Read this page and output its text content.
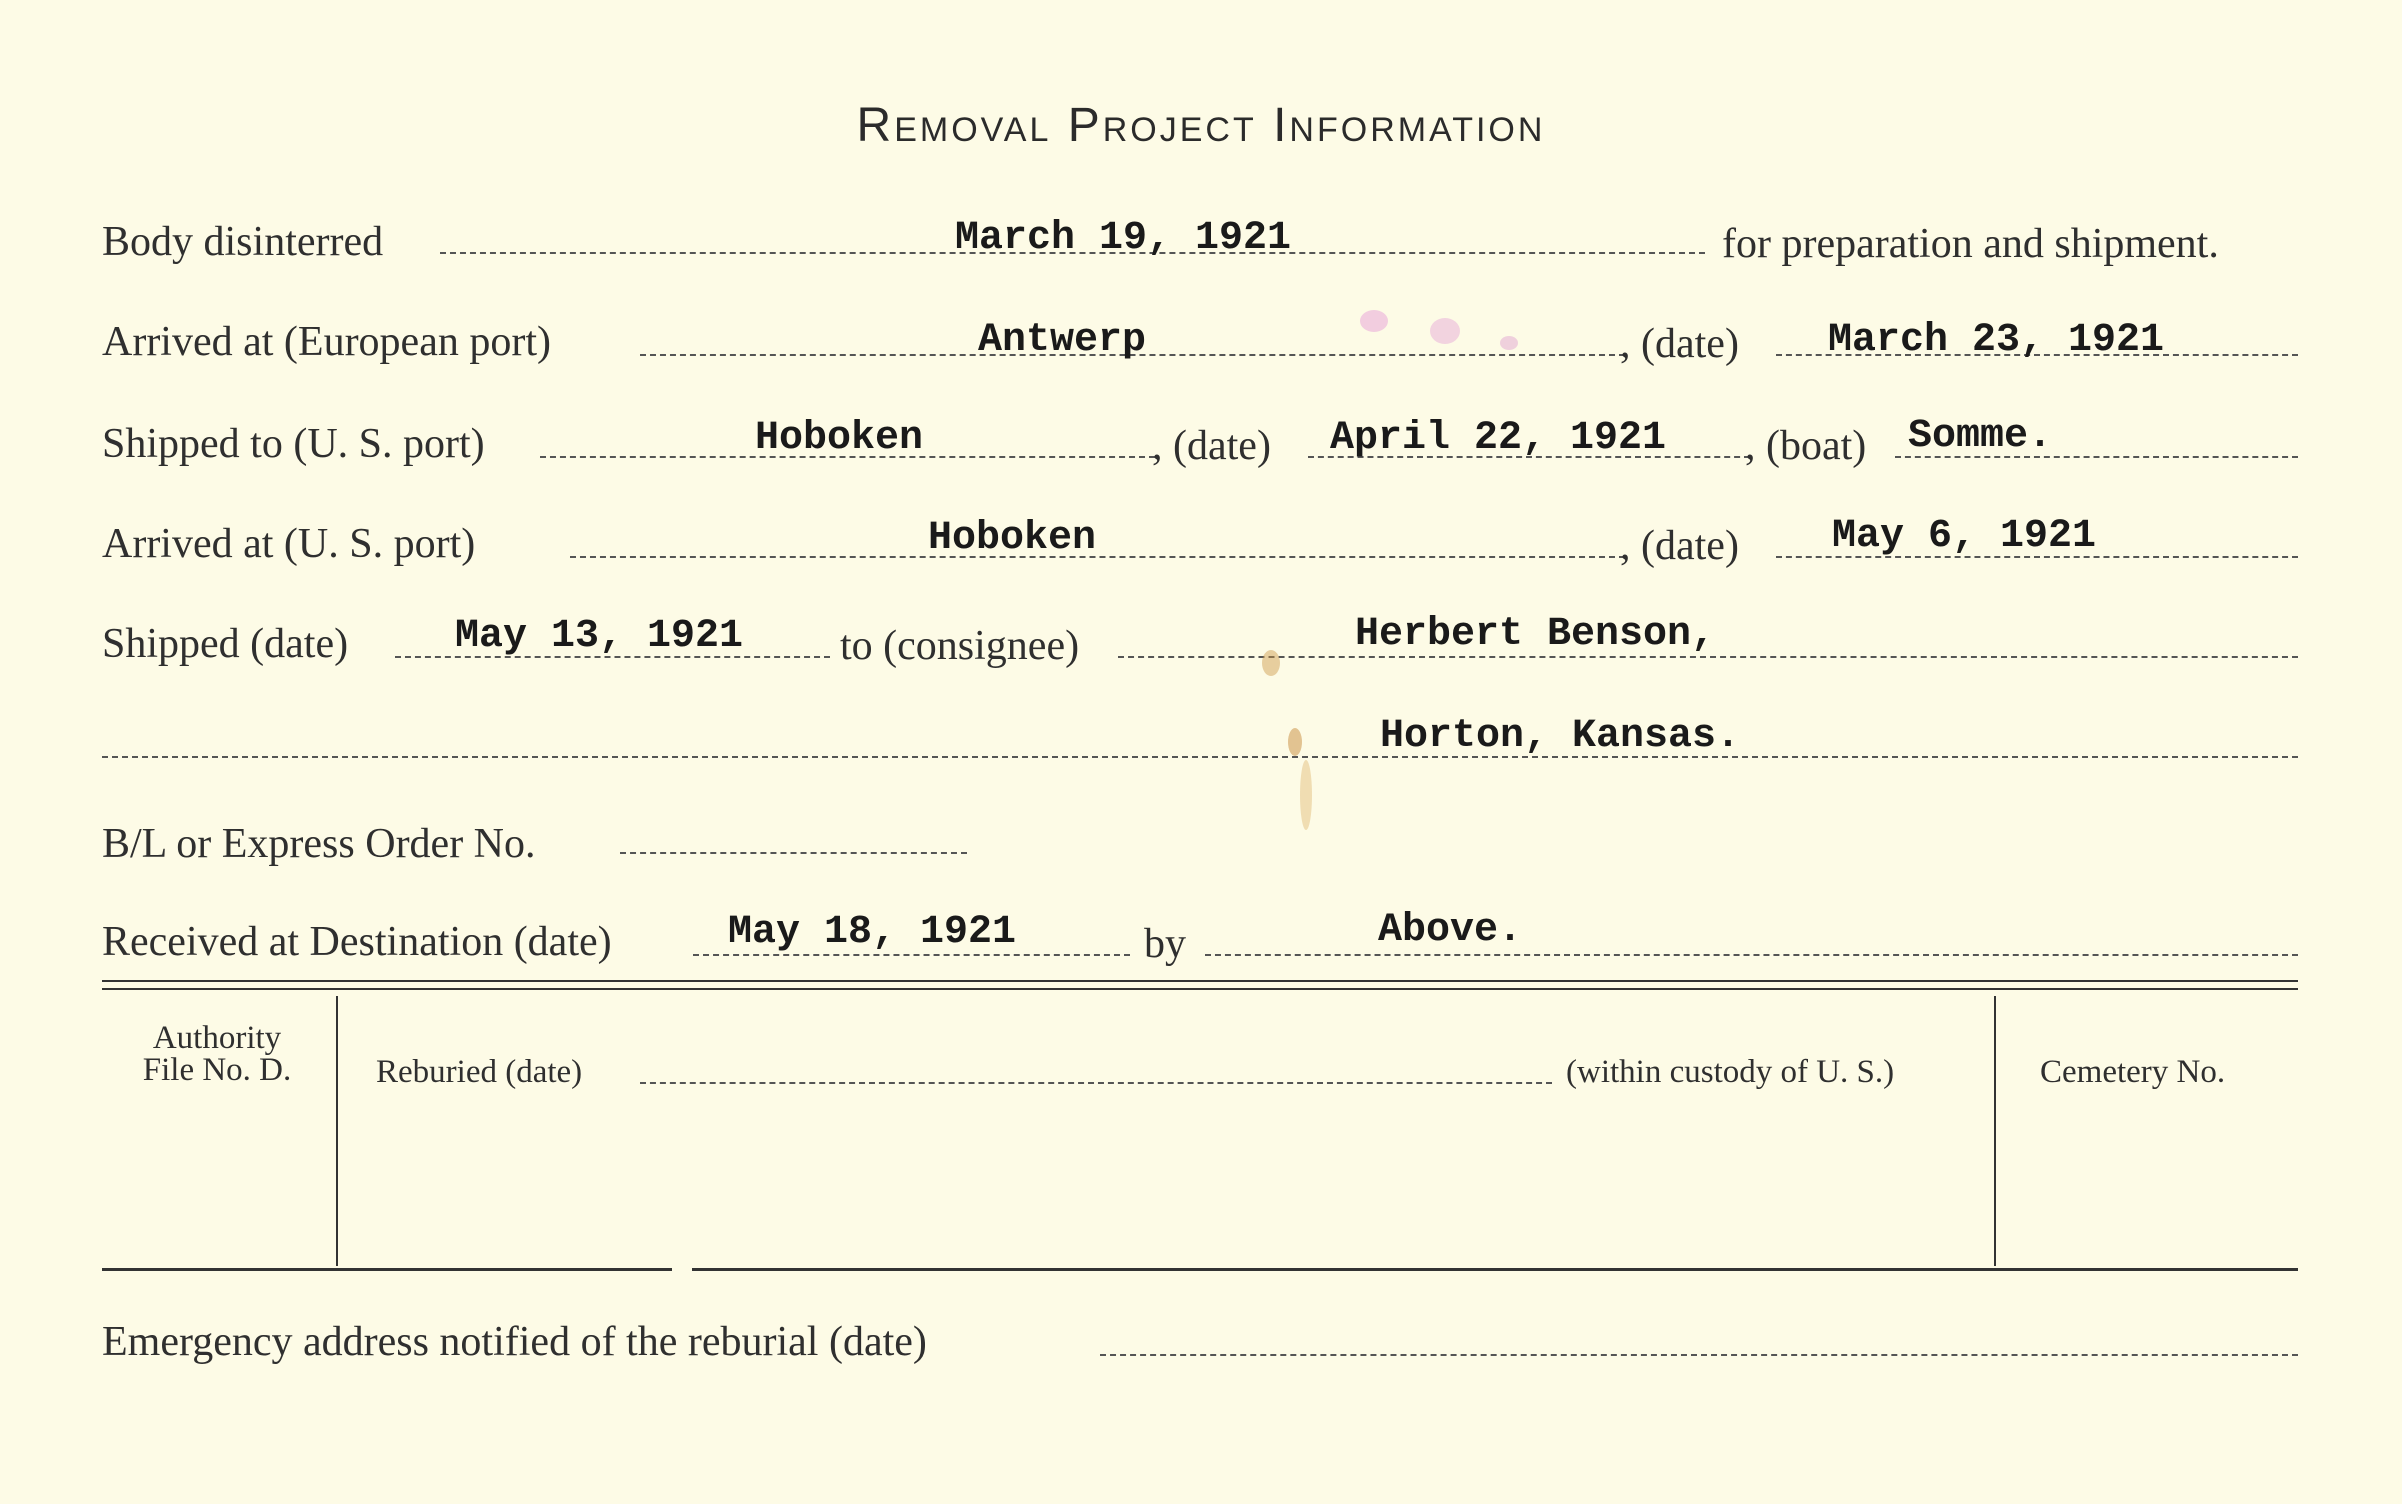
Removal Project Information
Body disinterred	March 19, 1921	for preparation and shipment.
Arrived at (European port)	Antwerp	, (date) March 23, 1921
Shipped to (U. S. port)	Hoboken	, (date) April 22, 1921 , (boat) Somme.
Arrived at (U. S. port)	Hoboken	, (date) May 6, 1921
Shipped (date)	May 13, 1921 to (consignee)	Herbert Benson,
Horton, Kansas.
B/L or Express Order No.
Received at Destination (date)	May 18, 1921	by	Above.
Authority
File No. D.	Reburied (date)	(within custody of U. S.)	Cemetery No.
Emergency address notified of the reburial (date)
